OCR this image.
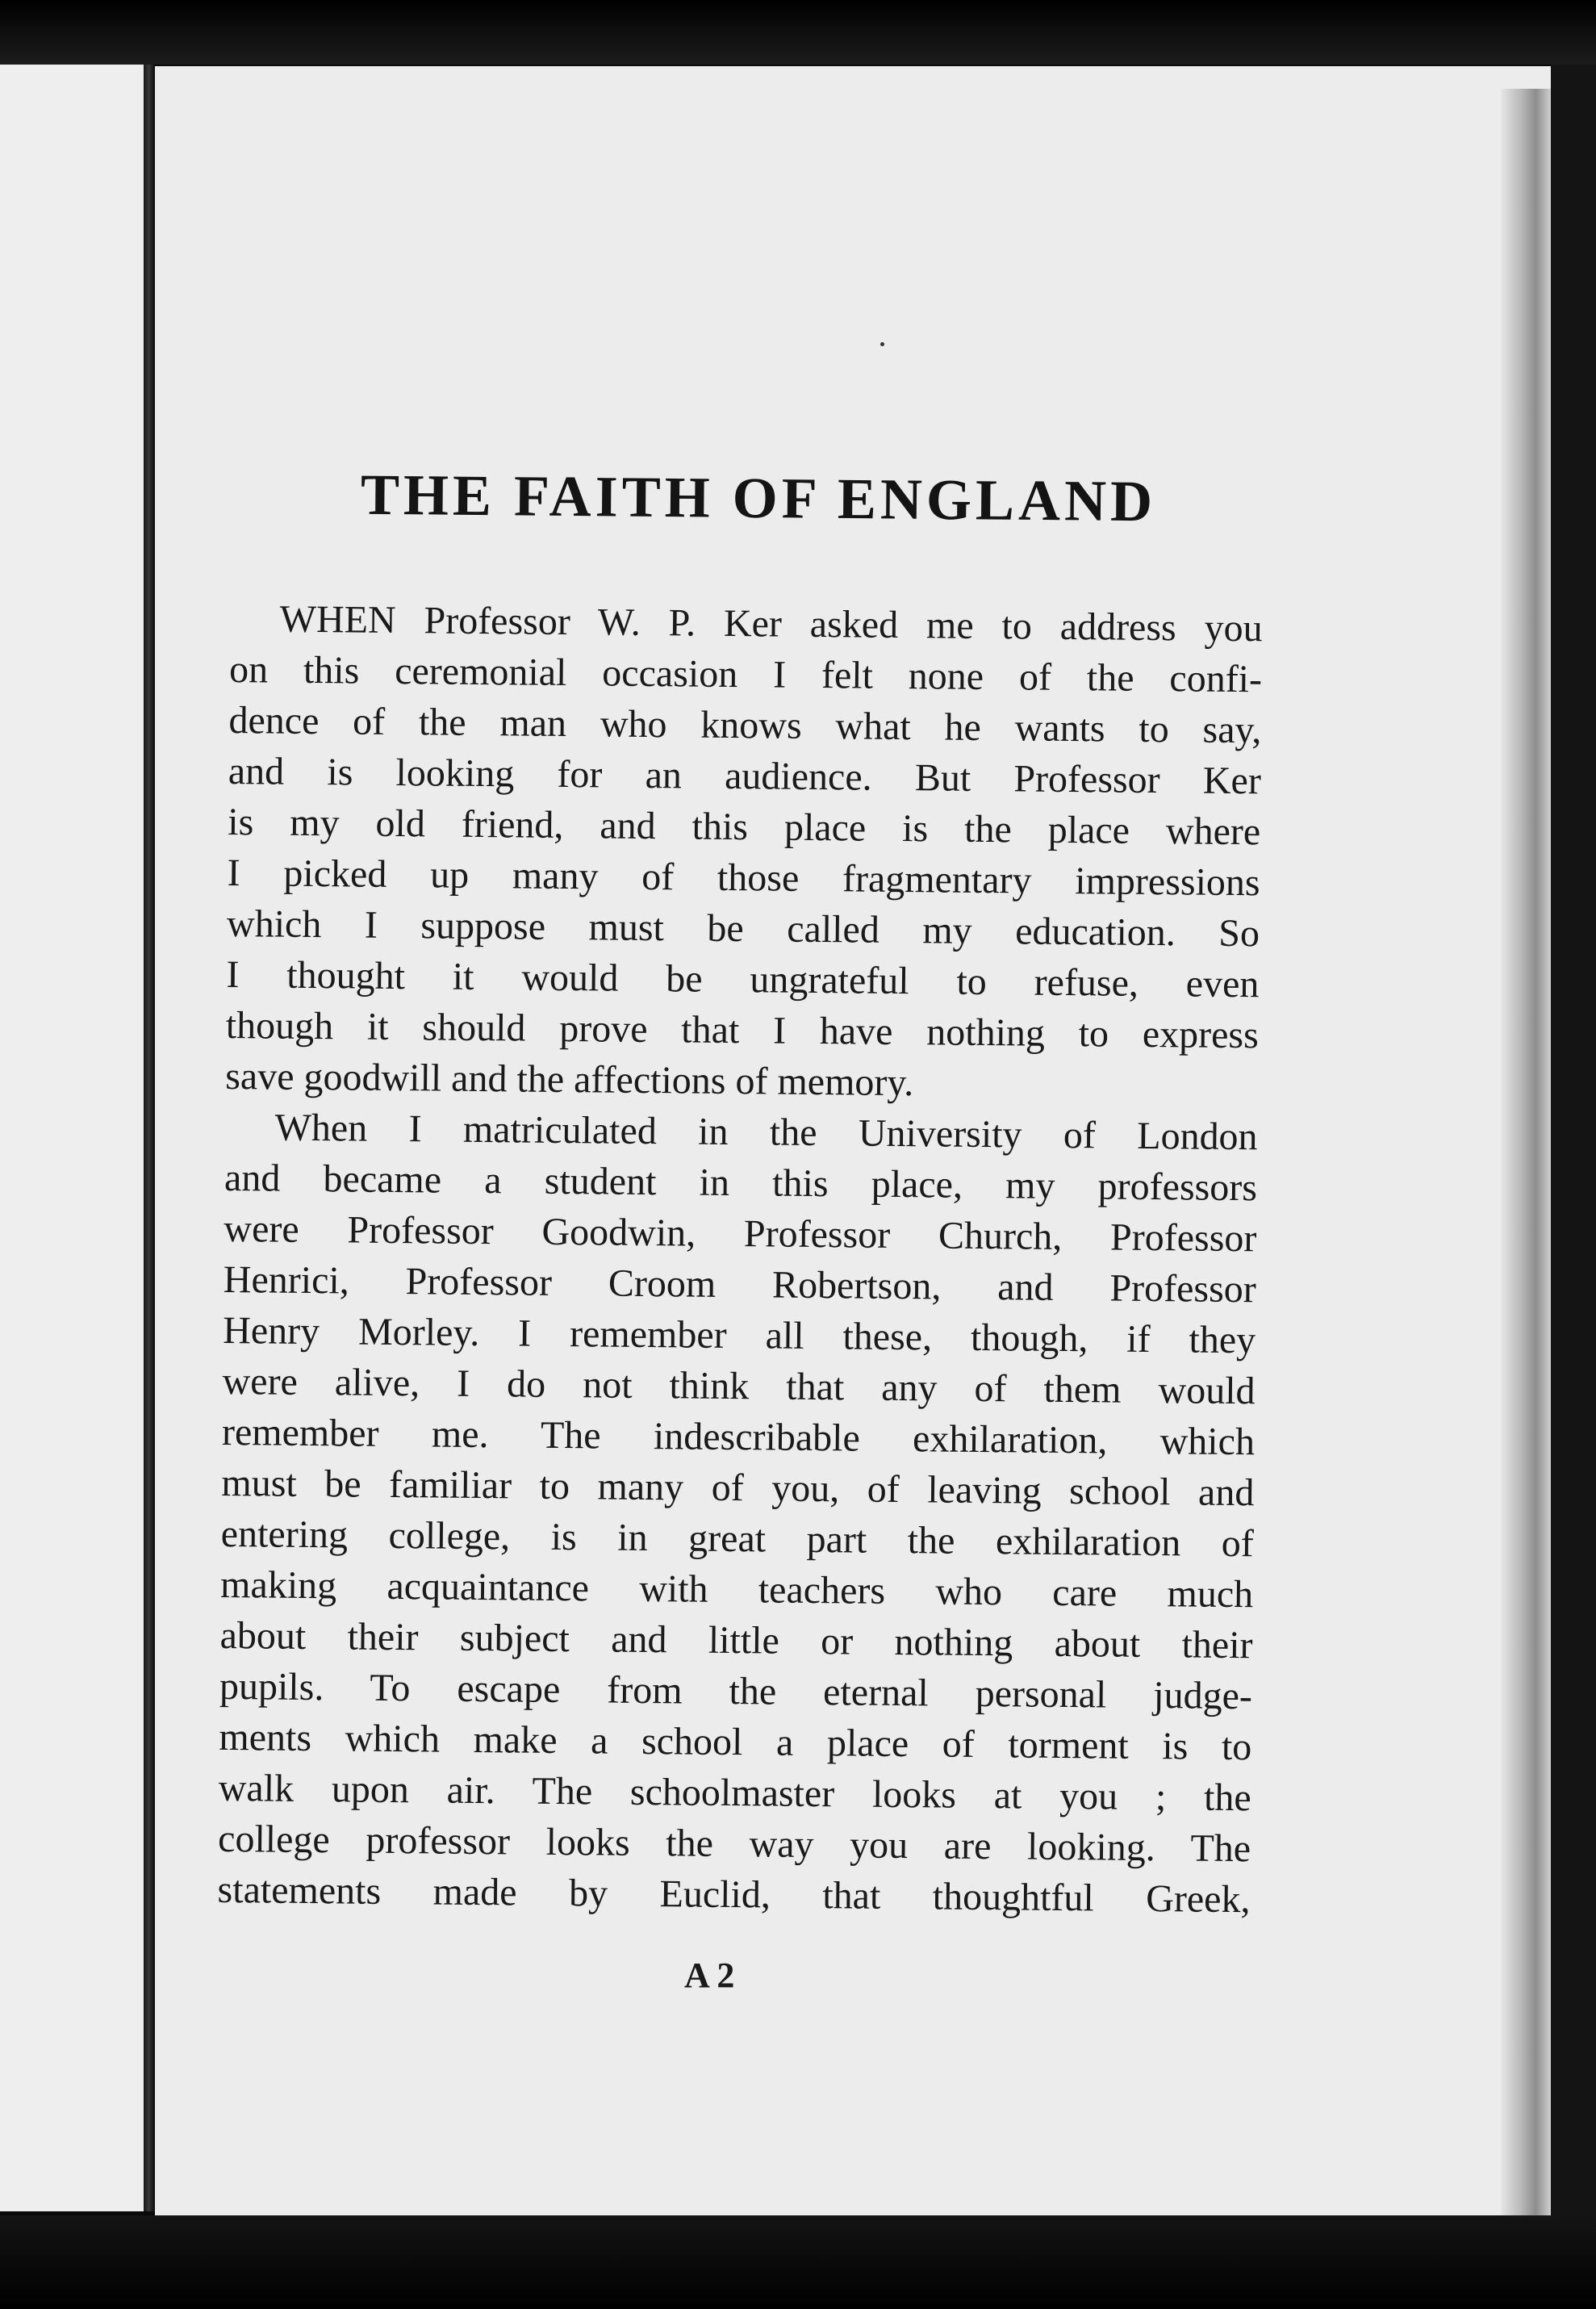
THE FAITH OF ENGLAND
WHEN Professor W. P. Ker asked me to address you
on this ceremonial occasion I felt none of the confi-
dence of the man who knows what he wants to say,
and is looking for an audience. But Professor Ker
is my old friend, and this place is the place where
I picked up many of those fragmentary impressions
which I suppose must be called my education. So
I thought it would be ungrateful to refuse, even
though it should prove that I have nothing to express
save goodwill and the affections of memory.
When I matriculated in the University of London
and became a student in this place, my professors
were Professor Goodwin, Professor Church, Professor
Henrici, Professor Croom Robertson, and Professor
Henry Morley. I remember all these, though, if they
were alive, I do not think that any of them would
remember me. The indescribable exhilaration, which
must be familiar to many of you, of leaving school and
entering college, is in great part the exhilaration of
making acquaintance with teachers who care much
about their subject and little or nothing about their
pupils. To escape from the eternal personal judge-
ments which make a school a place of torment is to
walk upon air. The schoolmaster looks at you ; the
college professor looks the way you are looking. The
statements made by Euclid, that thoughtful Greek,
A 2
